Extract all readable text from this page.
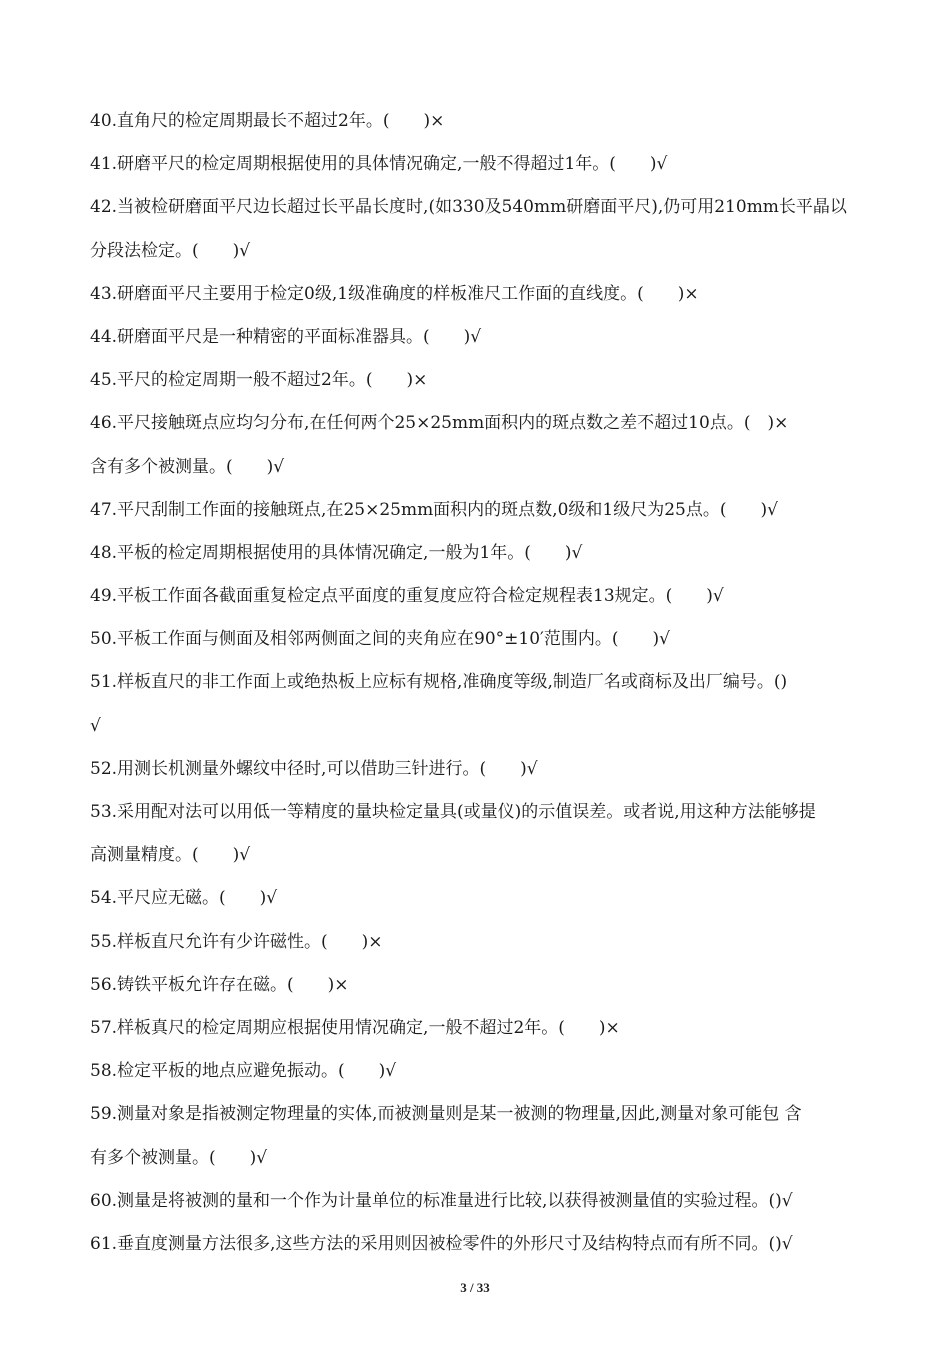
40.直角尺的检定周期最长不超过2年。(　　)×
41.研磨平尺的检定周期根据使用的具体情况确定,一般不得超过1年。(　　)√
42.当被检研磨面平尺边长超过长平晶长度时,(如330及540mm研磨面平尺),仍可用210mm长平晶以
分段法检定。(　　)√
43.研磨面平尺主要用于检定0级,1级准确度的样板准尺工作面的直线度。(　　)×
44.研磨面平尺是一种精密的平面标准器具。(　　)√
45.平尺的检定周期一般不超过2年。(　　)×
46.平尺接触斑点应均匀分布,在任何两个25×25mm面积内的斑点数之差不超过10点。(　)×
含有多个被测量。(　　)√
47.平尺刮制工作面的接触斑点,在25×25mm面积内的斑点数,0级和1级尺为25点。(　　)√
48.平板的检定周期根据使用的具体情况确定,一般为1年。(　　)√
49.平板工作面各截面重复检定点平面度的重复度应符合检定规程表13规定。(　　)√
50.平板工作面与侧面及相邻两侧面之间的夹角应在90°±10′范围内。(　　)√
51.样板直尺的非工作面上或绝热板上应标有规格,准确度等级,制造厂名或商标及出厂编号。()
√
52.用测长机测量外螺纹中径时,可以借助三针进行。(　　)√
53.采用配对法可以用低一等精度的量块检定量具(或量仪)的示值误差。或者说,用这种方法能够提
高测量精度。(　　)√
54.平尺应无磁。(　　)√
55.样板直尺允许有少许磁性。(　　)×
56.铸铁平板允许存在磁。(　　)×
57.样板真尺的检定周期应根据使用情况确定,一般不超过2年。(　　)×
58.检定平板的地点应避免振动。(　　)√
59.测量对象是指被测定物理量的实体,而被测量则是某一被测的物理量,因此,测量对象可能包 含
有多个被测量。(　　)√
60.测量是将被测的量和一个作为计量单位的标准量进行比较,以获得被测量值的实验过程。()√
61.垂直度测量方法很多,这些方法的采用则因被检零件的外形尺寸及结构特点而有所不同。()√
3 / 33
